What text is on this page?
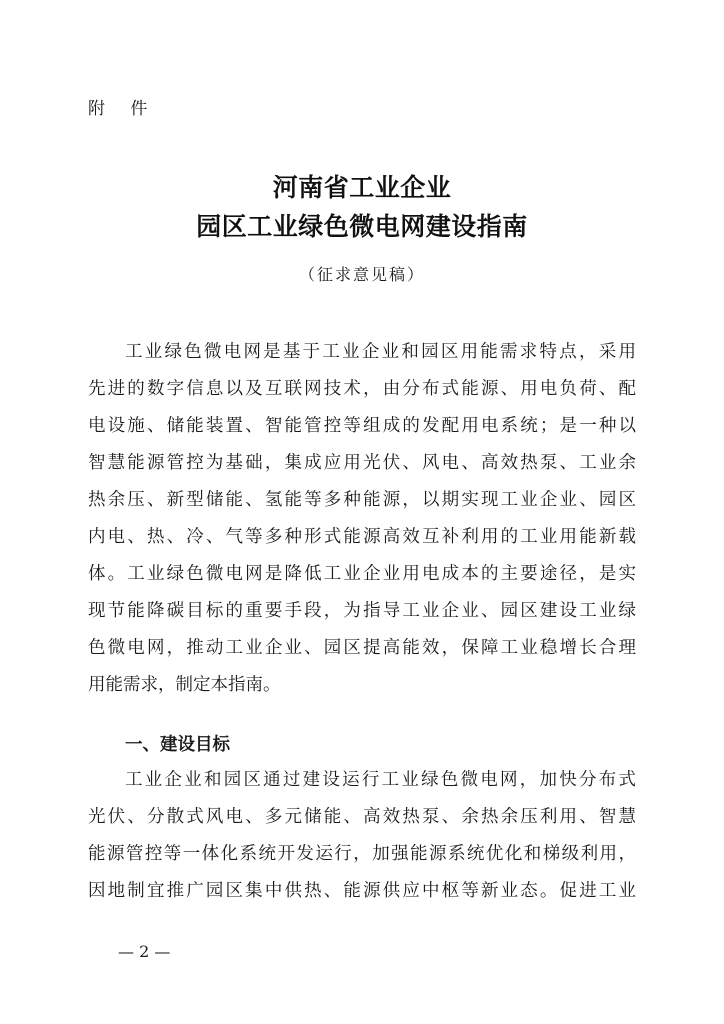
附 件
河南省工业企业
园区工业绿色微电网建设指南
（征求意见稿）
工业绿色微电网是基于工业企业和园区用能需求特点，采用
先进的数字信息以及互联网技术，由分布式能源、用电负荷、配
电设施、储能装置、智能管控等组成的发配用电系统；是一种以
智慧能源管控为基础，集成应用光伏、风电、高效热泵、工业余
热余压、新型储能、氢能等多种能源，以期实现工业企业、园区
内电、热、冷、气等多种形式能源高效互补利用的工业用能新载
体。工业绿色微电网是降低工业企业用电成本的主要途径，是实
现节能降碳目标的重要手段，为指导工业企业、园区建设工业绿
色微电网，推动工业企业、园区提高能效，保障工业稳增长合理
用能需求，制定本指南。
一、建设目标
工业企业和园区通过建设运行工业绿色微电网，加快分布式
光伏、分散式风电、多元储能、高效热泵、余热余压利用、智慧
能源管控等一体化系统开发运行，加强能源系统优化和梯级利用，
因地制宜推广园区集中供热、能源供应中枢等新业态。促进工业
— 2 —
